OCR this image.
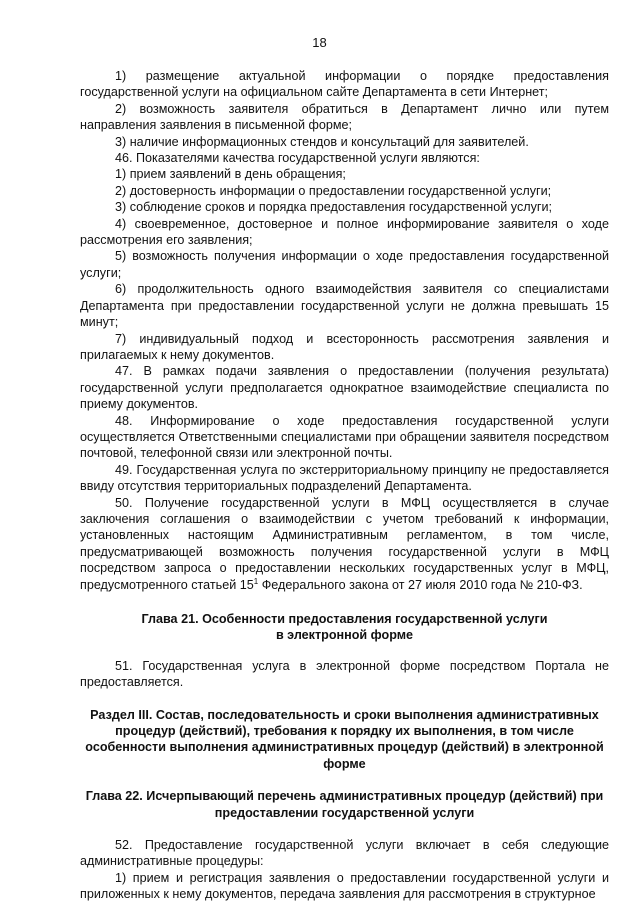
18

1) размещение актуальной информации о порядке предоставления государственной услуги на официальном сайте Департамента в сети Интернет;

2) возможность заявителя обратиться в Департамент лично или путем направления заявления в письменной форме;

3) наличие информационных стендов и консультаций для заявителей.

46. Показателями качества государственной услуги являются:

1) прием заявлений в день обращения;

2) достоверность информации о предоставлении государственной услуги;

3) соблюдение сроков и порядка предоставления государственной услуги;

4) своевременное, достоверное и полное информирование заявителя о ходе рассмотрения его заявления;

5) возможность получения информации о ходе предоставления государственной услуги;

6) продолжительность одного взаимодействия заявителя со специалистами Департамента при предоставлении государственной услуги не должна превышать 15 минут;

7) индивидуальный подход и всесторонность рассмотрения заявления и прилагаемых к нему документов.

47. В рамках подачи заявления о предоставлении (получения результата) государственной услуги предполагается однократное взаимодействие специалиста по приему документов.

48. Информирование о ходе предоставления государственной услуги осуществляется Ответственными специалистами при обращении заявителя посредством почтовой, телефонной связи или электронной почты.

49. Государственная услуга по экстерриториальному принципу не предоставляется ввиду отсутствия территориальных подразделений Департамента.

50. Получение государственной услуги в МФЦ осуществляется в случае заключения соглашения о взаимодействии с учетом требований к информации, установленных настоящим Административным регламентом, в том числе, предусматривающей возможность получения государственной услуги в МФЦ посредством запроса о предоставлении нескольких государственных услуг в МФЦ, предусмотренного статьей $15^1$ Федерального закона от 27 июля 2010 года № 210-ФЗ.

Глава 21. Особенности предоставления государственной услуги
в электронной форме

51. Государственная услуга в электронной форме посредством Портала не предоставляется.

Раздел III. Состав, последовательность и сроки выполнения административных
процедур (действий), требования к порядку их выполнения, в том числе
особенности выполнения административных процедур (действий) в электронной
форме

Глава 22. Исчерпывающий перечень административных процедур (действий) при
предоставлении государственной услуги

52. Предоставление государственной услуги включает в себя следующие административные процедуры:

1) прием и регистрация заявления о предоставлении государственной услуги и приложенных к нему документов, передача заявления для рассмотрения в структурное
